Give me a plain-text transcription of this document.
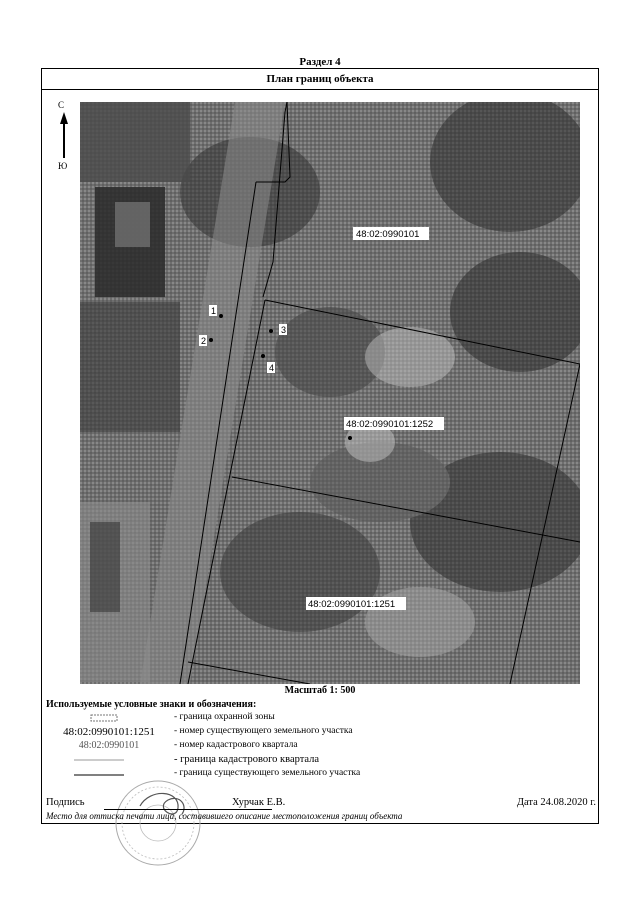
Раздел 4
План границ объекта
С
Ю
1
2
3
4
48:02:0990101
48:02:0990101:1252
48:02:0990101:1251
Масштаб 1: 500
Используемые условные знаки и обозначения:
- граница охранной зоны
48:02:0990101:1251	- номер существующего земельного участка
48:02:0990101	- номер кадастрового квартала
- граница кадастрового квартала
- граница существующего земельного участка
Подпись	Хурчак Е.В.	Дата 24.08.2020 г.
Место для оттиска печати лица, составившего описание местоположения границ объекта
